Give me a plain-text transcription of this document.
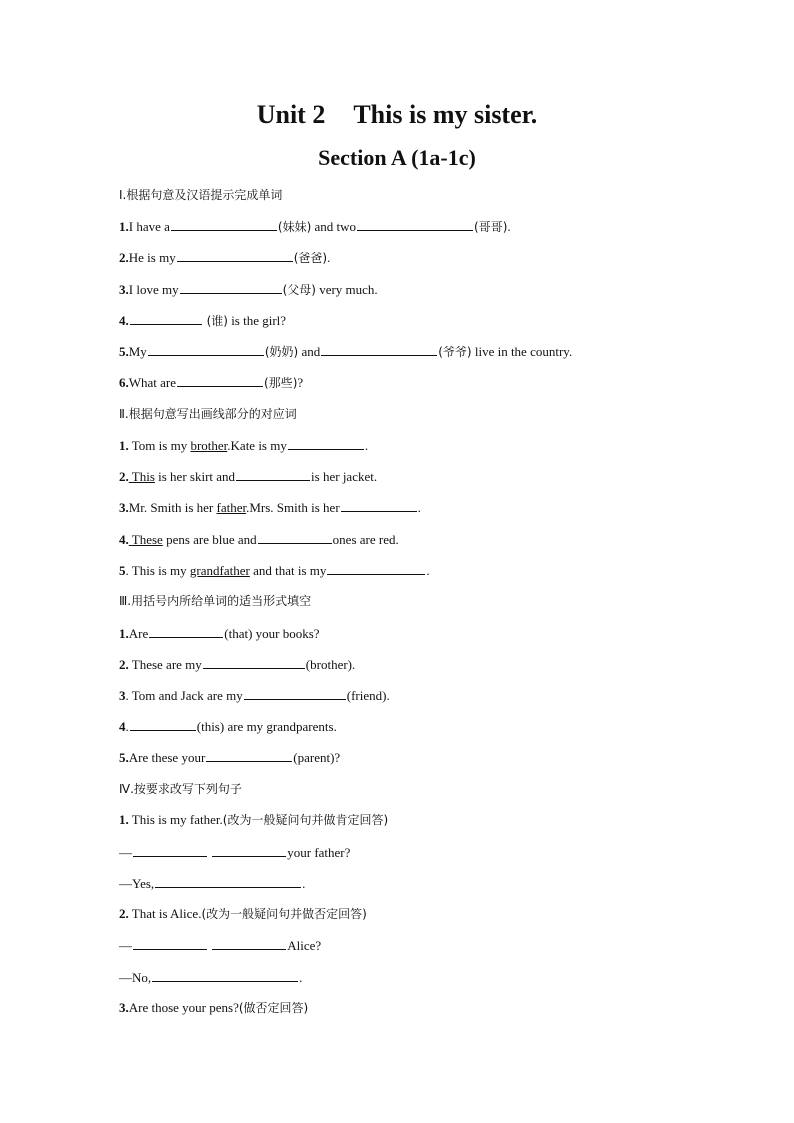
Unit 2 This is my sister.
Section A (1a-1c)
Ⅰ.根据句意及汉语提示完成单词
1.I have a	(妹妹) and two	(哥哥).
2.He is my	(爸爸).
3.I love my	(父母) very much.
4.	(谁) is the girl?
5.My	(奶奶) and	(爷爷) live in the country.
6.What are	(那些)?
Ⅱ.根据句意写出画线部分的对应词
1. Tom is my brother.Kate is my	.
2. This is her skirt and	is her jacket.
3.Mr. Smith is her father.Mrs. Smith is her	.
4. These pens are blue and	ones are red.
5. This is my grandfather and that is my	.
Ⅲ.用括号内所给单词的适当形式填空
1.Are	(that) your books?
2. These are my	(brother).
3. Tom and Jack are my	(friend).
4.	(this) are my grandparents.
5.Are these your	(parent)?
Ⅳ.按要求改写下列句子
1. This is my father.(改为一般疑问句并做肯定回答)
—	your father?
—Yes,	.
2. That is Alice.(改为一般疑问句并做否定回答)
—	Alice?
—No,	.
3.Are those your pens?(做否定回答)
